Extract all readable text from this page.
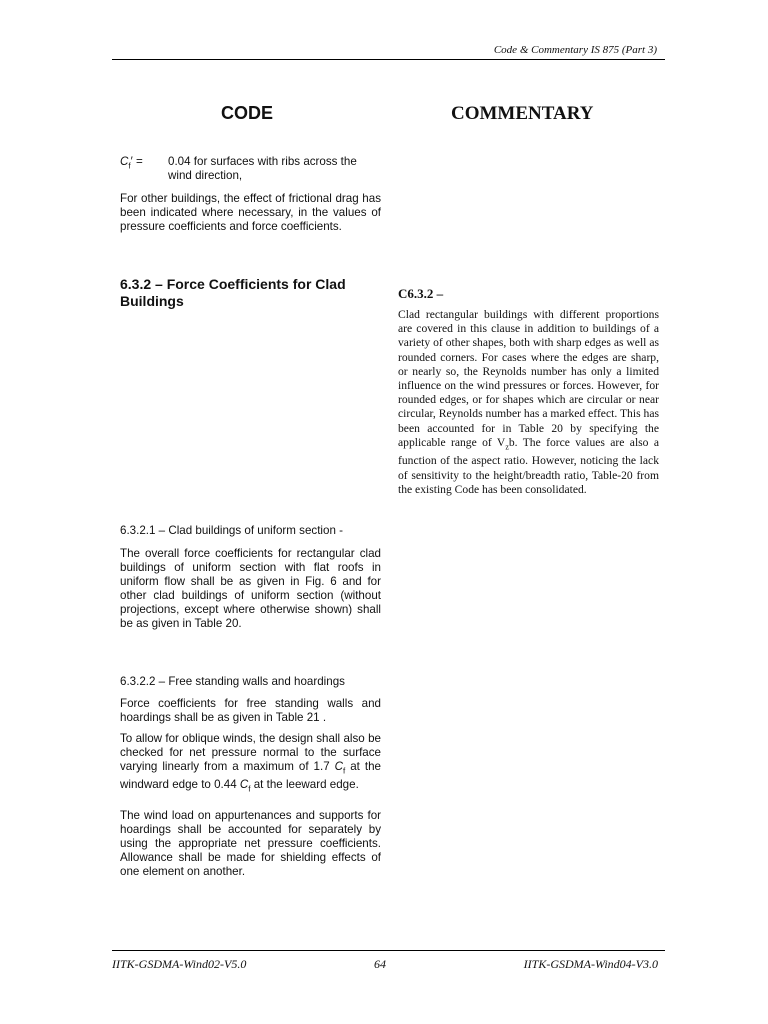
Code & Commentary IS 875 (Part 3)
CODE	COMMENTARY
$C_f'$ =	0.04 for surfaces with ribs across the wind direction,

For other buildings, the effect of frictional drag has been indicated where necessary, in the values of pressure coefficients and force coefficients.

6.3.2 – Force Coefficients for Clad Buildings
6.3.2.1 – Clad buildings of uniform section -

The overall force coefficients for rectangular clad buildings of uniform section with flat roofs in uniform flow shall be as given in Fig. 6 and for other clad buildings of uniform section (without projections, except where otherwise shown) shall be as given in Table 20.

6.3.2.2 – Free standing walls and hoardings

Force coefficients for free standing walls and hoardings shall be as given in Table 21 .

To allow for oblique winds, the design shall also be checked for net pressure normal to the surface varying linearly from a maximum of 1.7 $C_f$ at the windward edge to 0.44 $C_f$ at the leeward edge.

The wind load on appurtenances and supports for hoardings shall be accounted for separately by using the appropriate net pressure coefficients. Allowance shall be made for shielding effects of one element on another.

C6.3.2 –

Clad rectangular buildings with different proportions are covered in this clause in addition to buildings of a variety of other shapes, both with sharp edges as well as rounded corners. For cases where the edges are sharp, or nearly so, the Reynolds number has only a limited influence on the wind pressures or forces. However, for rounded edges, or for shapes which are circular or near circular, Reynolds number has a marked effect. This has been accounted for in Table 20 by specifying the applicable range of $V_zb$. The force values are also a function of the aspect ratio. However, noticing the lack of sensitivity to the height/breadth ratio, Table-20 from the existing Code has been consolidated.

IITK-GSDMA-Wind02-V5.0	64	IITK-GSDMA-Wind04-V3.0
